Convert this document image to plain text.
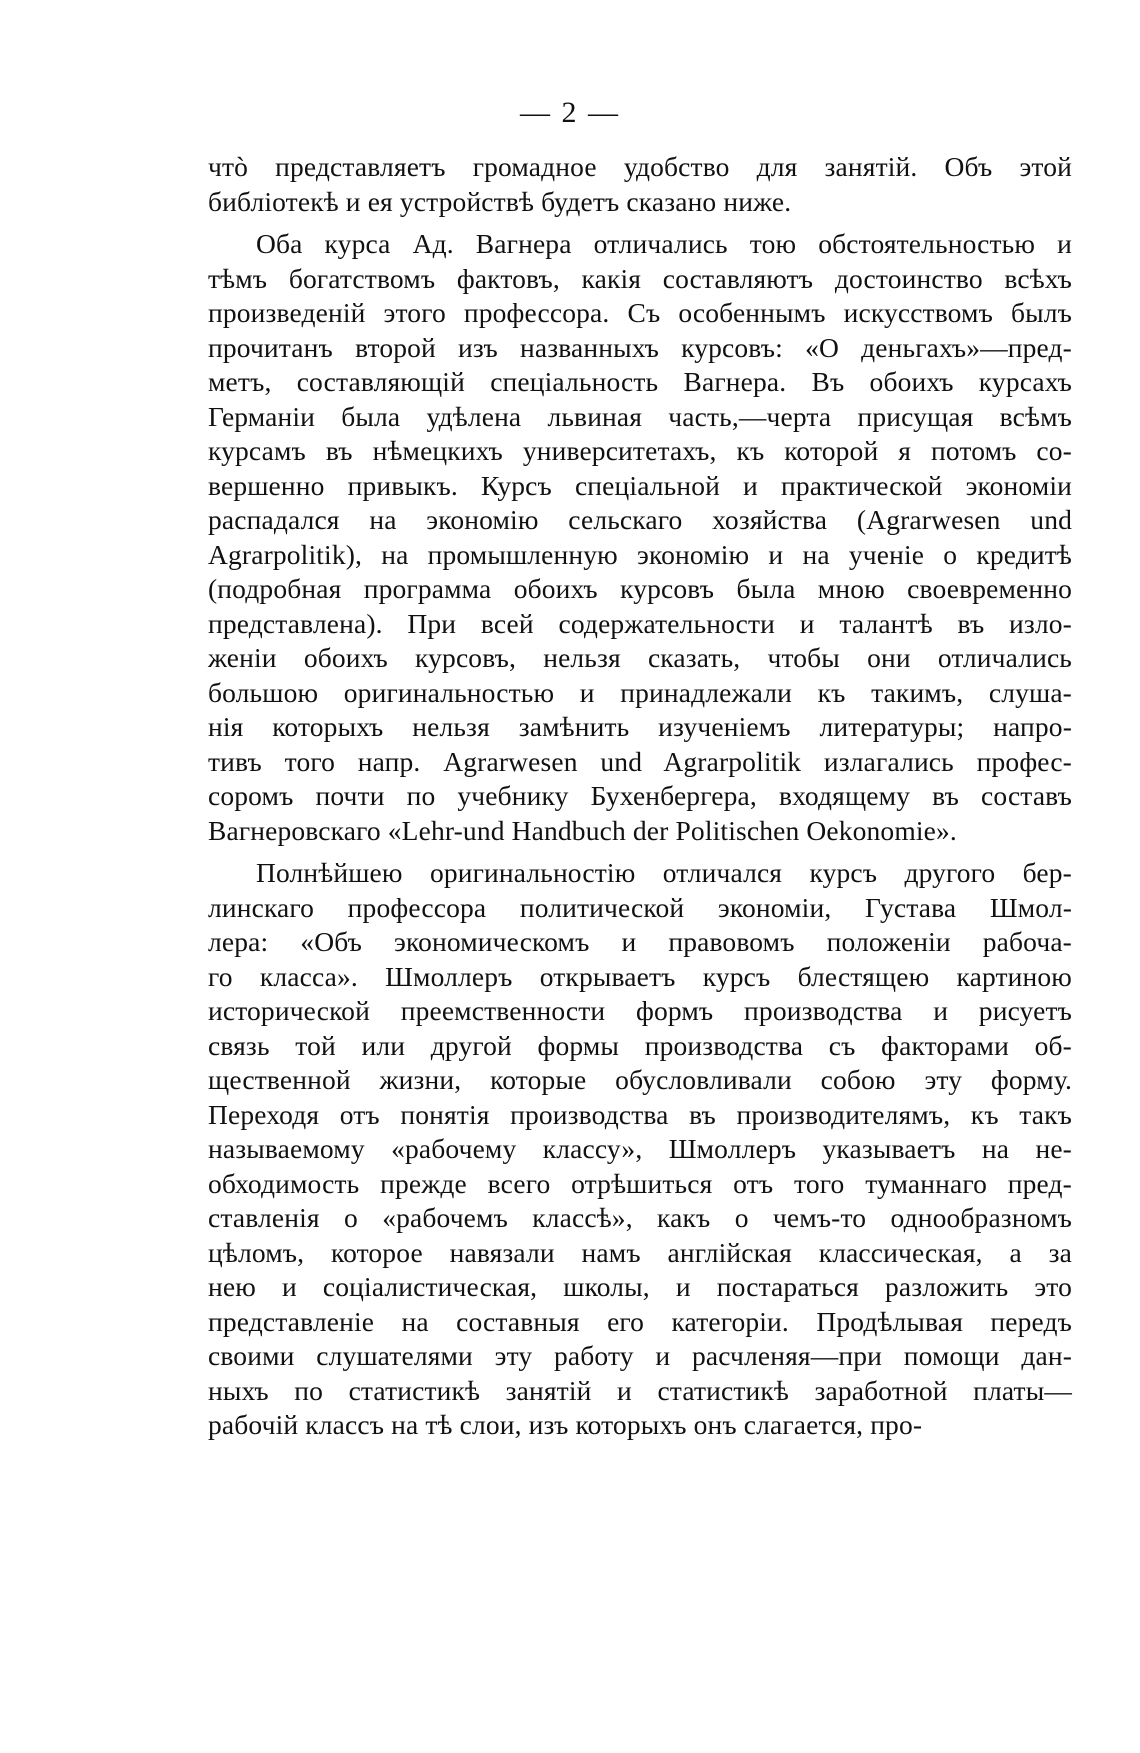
— 2 —
чтò представляетъ громадное удобство для занятій. Объ этой
библіотекѣ и ея устройствѣ будетъ сказано ниже.
Оба курса Ад. Вагнера отличались тою обстоятельностью и
тѣмъ богатствомъ фактовъ, какія составляютъ достоинство всѣхъ
произведеній этого профессора. Съ особеннымъ искусствомъ былъ
прочитанъ второй изъ названныхъ курсовъ: «О деньгахъ»—пред-
метъ, составляющій спеціальность Вагнера. Въ обоихъ курсахъ
Германіи была удѣлена львиная часть,—черта присущая всѣмъ
курсамъ въ нѣмецкихъ университетахъ, къ которой я потомъ со-
вершенно привыкъ. Курсъ спеціальной и практической экономіи
распадался на экономію сельскаго хозяйства (Agrarwesen und
Agrarpolitik), на промышленную экономію и на ученіе о кредитѣ
(подробная программа обоихъ курсовъ была мною своевременно
представлена). При всей содержательности и талантѣ въ изло-
женіи обоихъ курсовъ, нельзя сказать, чтобы они отличались
большою оригинальностью и принадлежали къ такимъ, слуша-
нія которыхъ нельзя замѣнить изученіемъ литературы; напро-
тивъ того напр. Agrarwesen und Agrarpolitik излагались профес-
соромъ почти по учебнику Бухенбергера, входящему въ составъ
Вагнеровскаго «Lehr-und Handbuch der Politischen Oekonomie».
Полнѣйшею оригинальностію отличался курсъ другого бер-
линскаго профессора политической экономіи, Густава Шмол-
лера: «Объ экономическомъ и правовомъ положеніи рабоча-
го класса». Шмоллеръ открываетъ курсъ блестящею картиною
исторической преемственности формъ производства и рисуетъ
связь той или другой формы производства съ факторами об-
щественной жизни, которые обусловливали собою эту форму.
Переходя отъ понятія производства въ производителямъ, къ такъ
называемому «рабочему классу», Шмоллеръ указываетъ на не-
обходимость прежде всего отрѣшиться отъ того туманнаго пред-
ставленія о «рабочемъ классѣ», какъ о чемъ-то однообразномъ
цѣломъ, которое навязали намъ англійская классическая, а за
нею и соціалистическая, школы, и постараться разложить это
представленіе на составныя его категоріи. Продѣлывая передъ
своими слушателями эту работу и расчленяя—при помощи дан-
ныхъ по статистикѣ занятій и статистикѣ заработной платы—
рабочій классъ на тѣ слои, изъ которыхъ онъ слагается, про-
